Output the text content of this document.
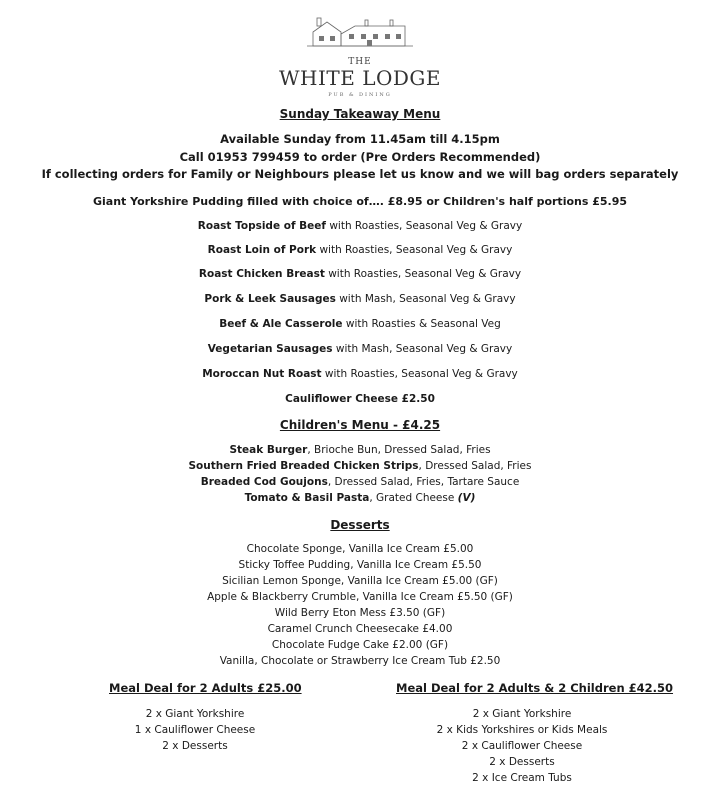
THE
WHITE LODGE
PUB & DINING
Sunday Takeaway Menu
Available Sunday from 11.45am till 4.15pm
Call 01953 799459 to order (Pre Orders Recommended)
If collecting orders for Family or Neighbours please let us know and we will bag orders separately
Giant Yorkshire Pudding filled with choice of…. £8.95 or Children's half portions £5.95
Roast Topside of Beef with Roasties, Seasonal Veg & Gravy
Roast Loin of Pork with Roasties, Seasonal Veg & Gravy
Roast Chicken Breast with Roasties, Seasonal Veg & Gravy
Pork & Leek Sausages with Mash, Seasonal Veg & Gravy
Beef & Ale Casserole with Roasties & Seasonal Veg
Vegetarian Sausages with Mash, Seasonal Veg & Gravy
Moroccan Nut Roast with Roasties, Seasonal Veg & Gravy
Cauliflower Cheese £2.50
Children's Menu - £4.25
Steak Burger, Brioche Bun, Dressed Salad, Fries
Southern Fried Breaded Chicken Strips, Dressed Salad, Fries
Breaded Cod Goujons, Dressed Salad, Fries, Tartare Sauce
Tomato & Basil Pasta, Grated Cheese (V)
Desserts
Chocolate Sponge, Vanilla Ice Cream £5.00
Sticky Toffee Pudding, Vanilla Ice Cream £5.50
Sicilian Lemon Sponge, Vanilla Ice Cream £5.00 (GF)
Apple & Blackberry Crumble, Vanilla Ice Cream £5.50 (GF)
Wild Berry Eton Mess £3.50 (GF)
Caramel Crunch Cheesecake £4.00
Chocolate Fudge Cake £2.00 (GF)
Vanilla, Chocolate or Strawberry Ice Cream Tub £2.50
Meal Deal for 2 Adults £25.00	Meal Deal for 2 Adults & 2 Children £42.50
2 x Giant Yorkshire
1 x Cauliflower Cheese
2 x Desserts
2 x Giant Yorkshire
2 x Kids Yorkshires or Kids Meals
2 x Cauliflower Cheese
2 x Desserts
2 x Ice Cream Tubs
